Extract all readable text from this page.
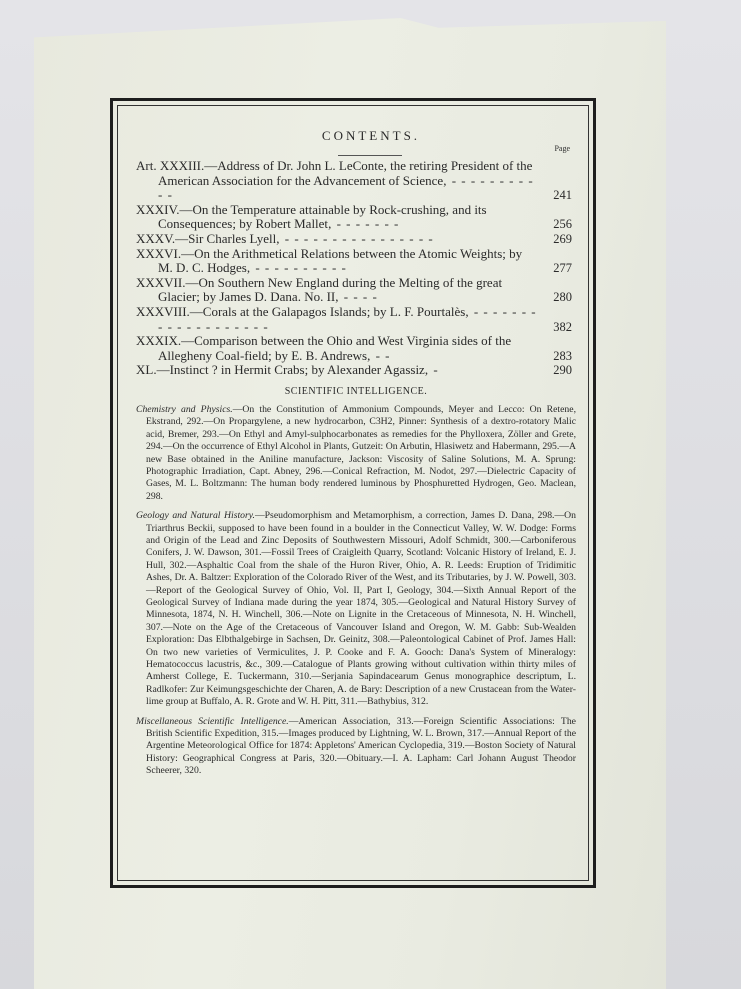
CONTENTS.
Page
Art. XXXIII.—Address of Dr. John L. LeConte, the retiring President of the American Association for the Advancement of Science, - - - - - - - - - - -	241
XXXIV.—On the Temperature attainable by Rock-crushing, and its Consequences; by Robert Mallet, - - - - - - -	256
XXXV.—Sir Charles Lyell, - - - - - - - - - - - - - - - -	269
XXXVI.—On the Arithmetical Relations between the Atomic Weights; by M. D. C. Hodges, - - - - - - - - - -	277
XXXVII.—On Southern New England during the Melting of the great Glacier; by James D. Dana. No. II, - - - -	280
XXXVIII.—Corals at the Galapagos Islands; by L. F. Pourtalès, - - - - - - - - - - - - - - - - - - -	382
XXXIX.—Comparison between the Ohio and West Virginia sides of the Allegheny Coal-field; by E. B. Andrews, - -	283
XL.—Instinct ? in Hermit Crabs; by Alexander Agassiz, -	290
SCIENTIFIC INTELLIGENCE.
Chemistry and Physics.—On the Constitution of Ammonium Compounds, Meyer and Lecco: On Retene, Ekstrand, 292.—On Propargylene, a new hydrocarbon, C3H2, Pinner: Synthesis of a dextro-rotatory Malic acid, Bremer, 293.—On Ethyl and Amyl-sulphocarbonates as remedies for the Phylloxera, Zöller and Grete, 294.—On the occurrence of Ethyl Alcohol in Plants, Gutzeit: On Arbutin, Hlasiwetz and Habermann, 295.—A new Base obtained in the Aniline manufacture, Jackson: Viscosity of Saline Solutions, M. A. Sprung: Photographic Irradiation, Capt. Abney, 296.—Conical Refraction, M. Nodot, 297.—Dielectric Capacity of Gases, M. L. Boltzmann: The human body rendered luminous by Phosphuretted Hydrogen, Geo. Maclean, 298.
Geology and Natural History.—Pseudomorphism and Metamorphism, a correction, James D. Dana, 298.—On Triarthrus Beckii, supposed to have been found in a boulder in the Connecticut Valley, W. W. Dodge: Forms and Origin of the Lead and Zinc Deposits of Southwestern Missouri, Adolf Schmidt, 300.—Carboniferous Conifers, J. W. Dawson, 301.—Fossil Trees of Craigleith Quarry, Scotland: Volcanic History of Ireland, E. J. Hull, 302.—Asphaltic Coal from the shale of the Huron River, Ohio, A. R. Leeds: Eruption of Tridimitic Ashes, Dr. A. Baltzer: Exploration of the Colorado River of the West, and its Tributaries, by J. W. Powell, 303.—Report of the Geological Survey of Ohio, Vol. II, Part I, Geology, 304.—Sixth Annual Report of the Geological Survey of Indiana made during the year 1874, 305.—Geological and Natural History Survey of Minnesota, 1874, N. H. Winchell, 306.—Note on Lignite in the Cretaceous of Minnesota, N. H. Winchell, 307.—Note on the Age of the Cretaceous of Vancouver Island and Oregon, W. M. Gabb: Sub-Wealden Exploration: Das Elbthalgebirge in Sachsen, Dr. Geinitz, 308.—Paleontological Cabinet of Prof. James Hall: On two new varieties of Vermiculites, J. P. Cooke and F. A. Gooch: Dana's System of Mineralogy: Hematococcus lacustris, &c., 309.—Catalogue of Plants growing without cultivation within thirty miles of Amherst College, E. Tuckermann, 310.—Serjania Sapindacearum Genus monographice descriptum, L. Radlkofer: Zur Keimungsgeschichte der Charen, A. de Bary: Description of a new Crustacean from the Water-lime group at Buffalo, A. R. Grote and W. H. Pitt, 311.—Bathybius, 312.
Miscellaneous Scientific Intelligence.—American Association, 313.—Foreign Scientific Associations: The British Scientific Expedition, 315.—Images produced by Lightning, W. L. Brown, 317.—Annual Report of the Argentine Meteorological Office for 1874: Appletons' American Cyclopedia, 319.—Boston Society of Natural History: Geographical Congress at Paris, 320.—Obituary.—I. A. Lapham: Carl Johann August Theodor Scheerer, 320.
